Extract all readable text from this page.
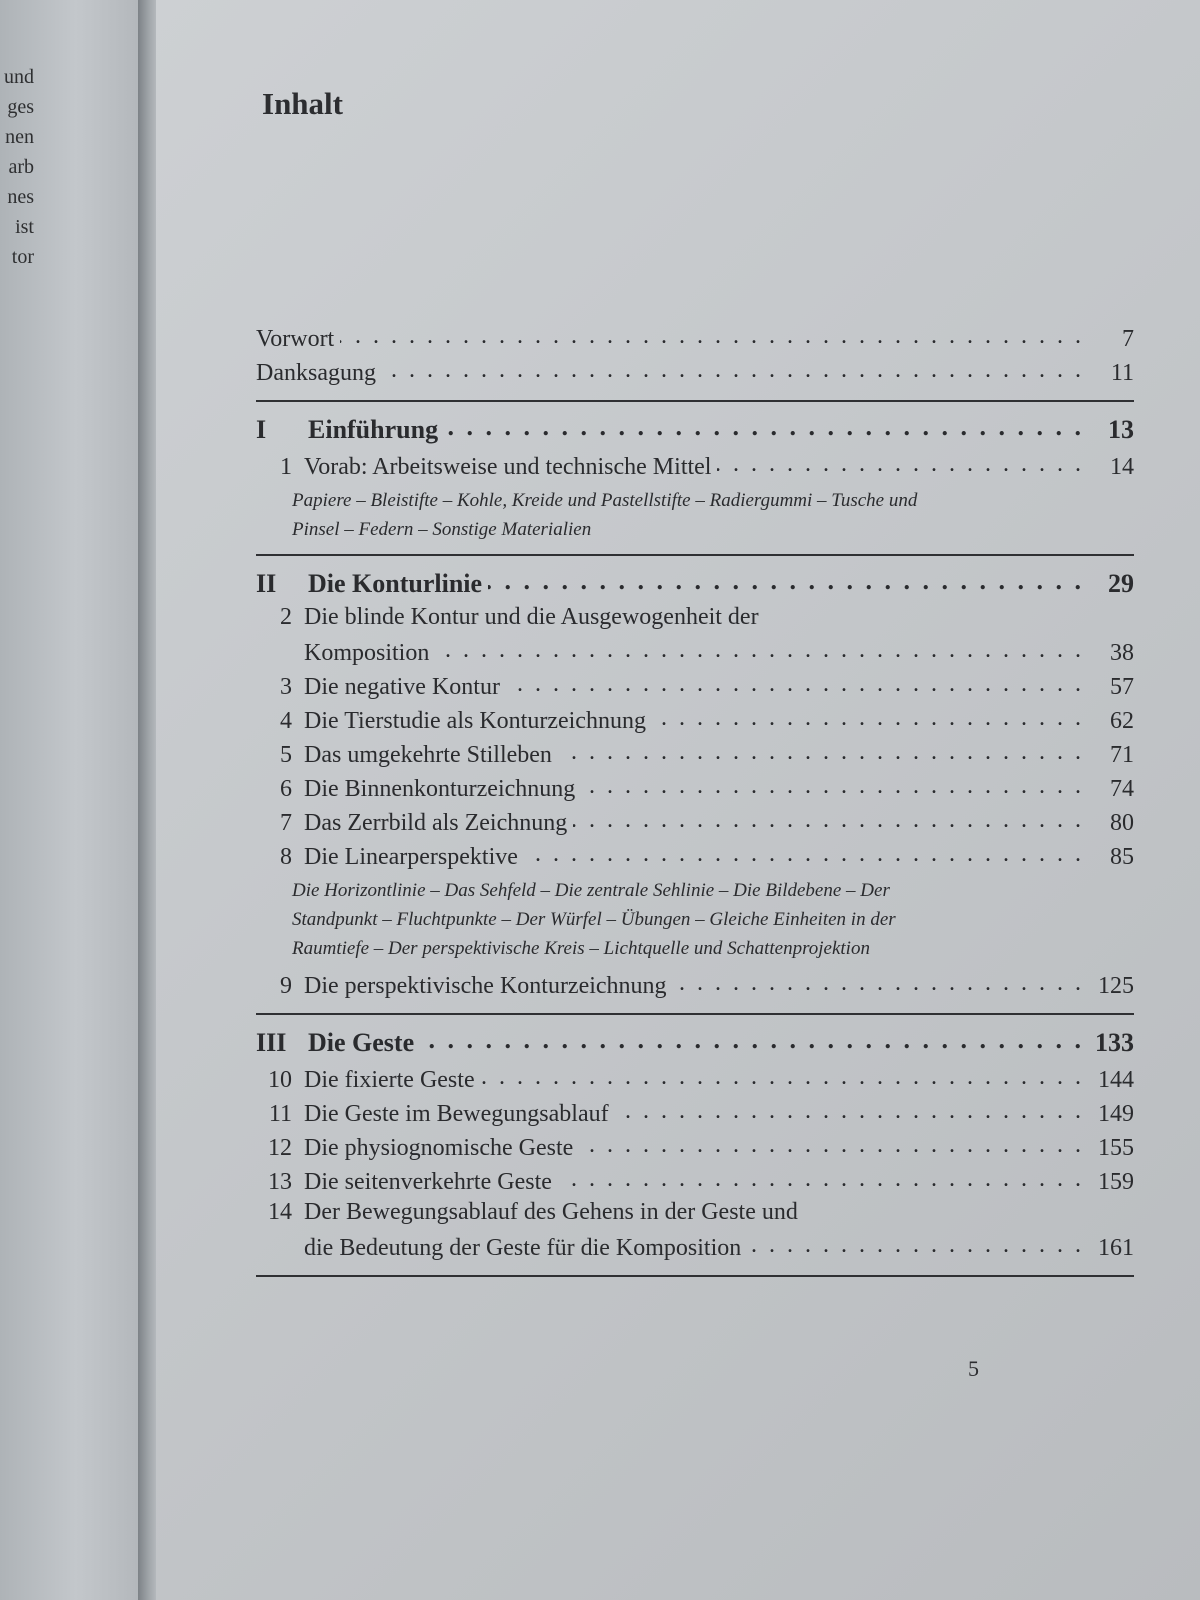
und
ges
nen
arb
nes
ist
tor
Inhalt
Vorwort . . .	7
Danksagung . . .	11
I	Einführung . . .	13
1 Vorab: Arbeitsweise und technische Mittel . . .	14
Papiere – Bleistifte – Kohle, Kreide und Pastellstifte – Radiergummi – Tusche und Pinsel – Federn – Sonstige Materialien
II	Die Konturlinie . . .	29
2 Die blinde Kontur und die Ausgewogenheit der
Komposition . . .	38
3 Die negative Kontur . . .	57
4 Die Tierstudie als Konturzeichnung . . .	62
5 Das umgekehrte Stilleben . . .	71
6 Die Binnenkonturzeichnung . . .	74
7 Das Zerrbild als Zeichnung . . .	80
8 Die Linearperspektive . . .	85
Die Horizontlinie – Das Sehfeld – Die zentrale Sehlinie – Die Bildebene – Der Standpunkt – Fluchtpunkte – Der Würfel – Übungen – Gleiche Einheiten in der Raumtiefe – Der perspektivische Kreis – Lichtquelle und Schattenprojektion
9 Die perspektivische Konturzeichnung . . .	125
III Die Geste . . .	133
10 Die fixierte Geste . . .	144
11 Die Geste im Bewegungsablauf . . .	149
12 Die physiognomische Geste . . .	155
13 Die seitenverkehrte Geste . . .	159
14 Der Bewegungsablauf des Gehens in der Geste und
die Bedeutung der Geste für die Komposition . . .	161
5
